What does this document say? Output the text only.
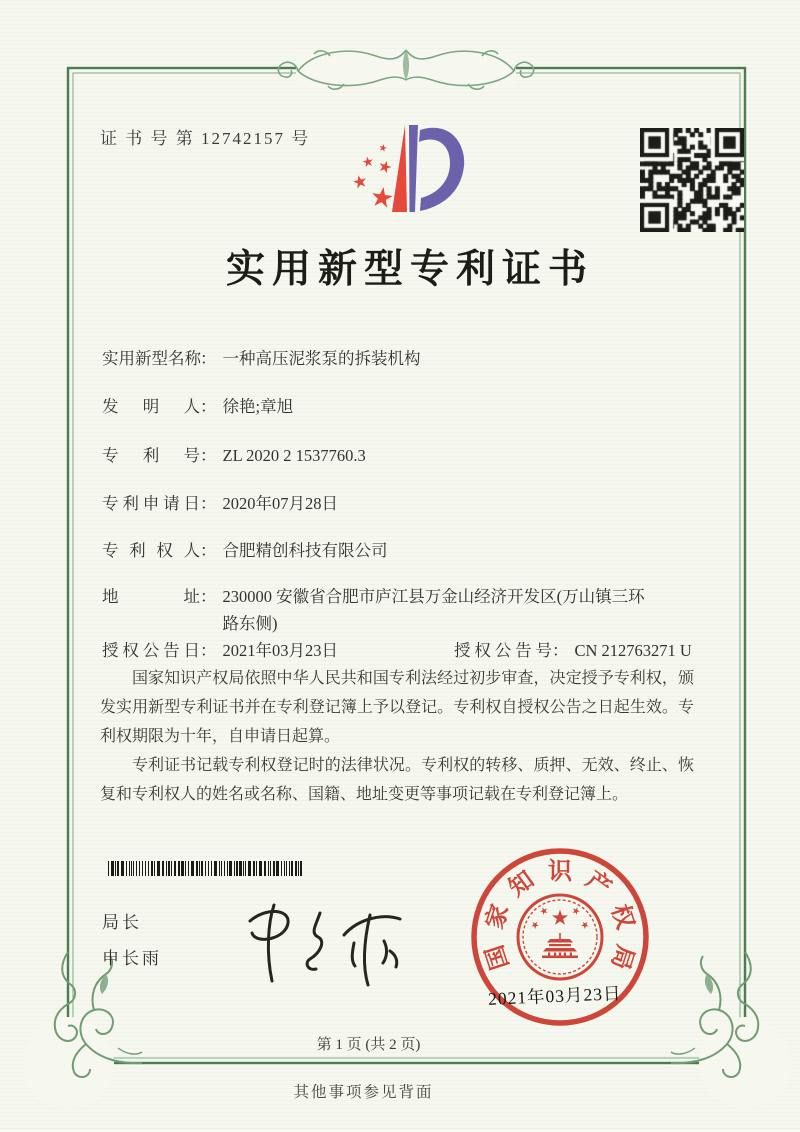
证 书 号 第 12742157 号
实用新型专利证书
实 用 新 型 名 称 ： 一种高压泥浆泵的拆装机构
发 明 人 ： 徐艳;章旭
专 利 号 ： ZL 2020 2 1537760.3
专 利 申 请 日 ： 2020年07月28日
专 利 权 人 ： 合肥精创科技有限公司
地	址 ： 230000 安徽省合肥市庐江县万金山经济开发区(万山镇三环路东侧)
授 权 公 告 日 ： 2021年03月23日	授 权 公 告 号 ： CN 212763271 U

国家知识产权局依照中华人民共和国专利法经过初步审查，决定授予专利权，颁发实用新型专利证书并在专利登记簿上予以登记。专利权自授权公告之日起生效。专利权期限为十年，自申请日起算。

专利证书记载专利权登记时的法律状况。专利权的转移、质押、无效、终止、恢复和专利权人的姓名或名称、国籍、地址变更等事项记载在专利登记簿上。

局长
申长雨	国
家
知 识 产
权
局
2021年03月23日
第 1 页 (共 2 页)
其他事项参见背面
